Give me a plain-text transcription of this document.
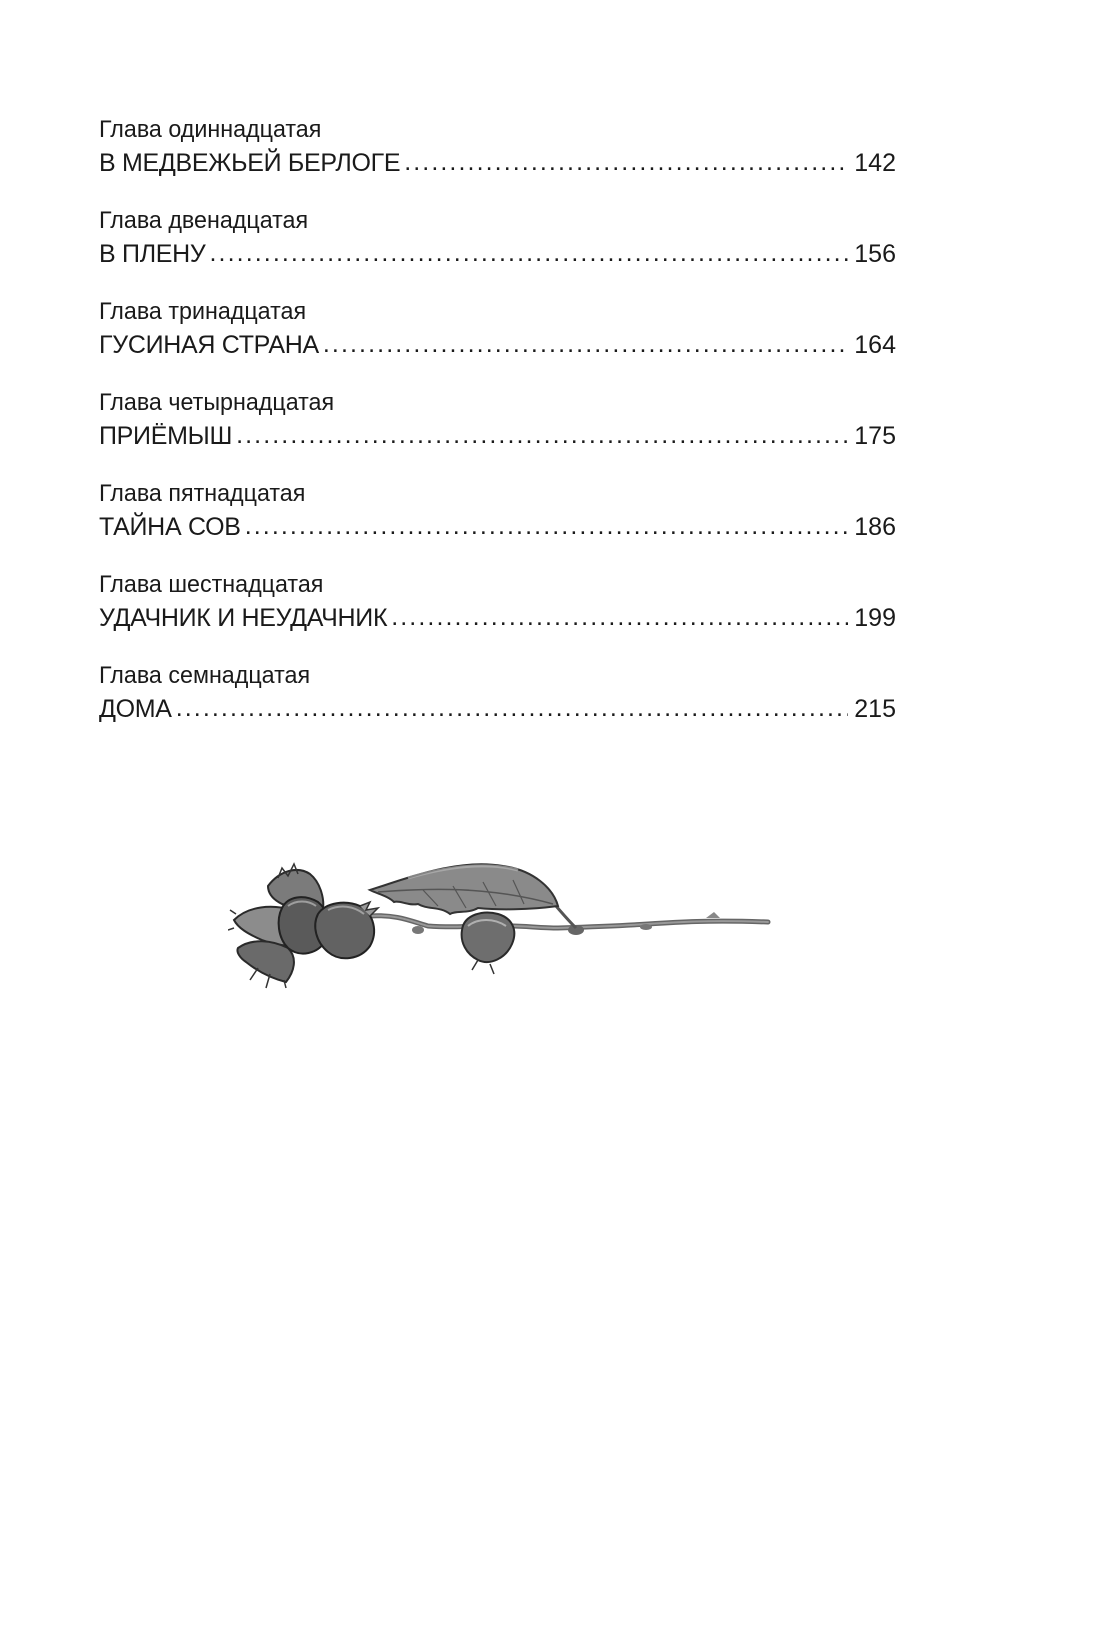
Глава одиннадцатая
В МЕДВЕЖЬЕЙ БЕРЛОГЕ .....	142
Глава двенадцатая
В ПЛЕНУ .....	156
Глава тринадцатая
ГУСИНАЯ СТРАНА .....	164
Глава четырнадцатая
ПРИЁМЫШ .....	175
Глава пятнадцатая
ТАЙНА СОВ .....	186
Глава шестнадцатая
УДАЧНИК И НЕУДАЧНИК .....	199
Глава семнадцатая
ДОМА .....	215
